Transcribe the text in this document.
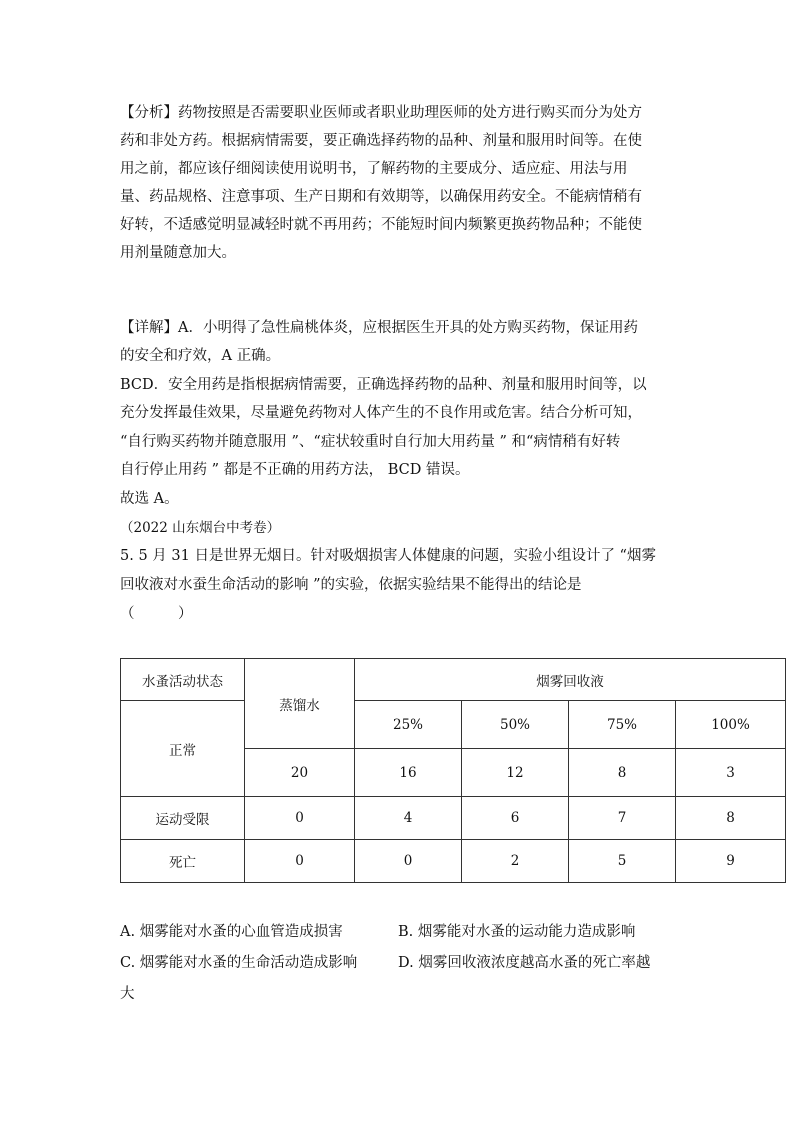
【分析】药物按照是否需要职业医师或者职业助理医师的处方进行购买而分为处方
药和非处方药。根据病情需要，要正确选择药物的品种、剂量和服用时间等。在使
用之前，都应该仔细阅读使用说明书，了解药物的主要成分、适应症、用法与用
量、药品规格、注意事项、生产日期和有效期等，以确保用药安全。不能病情稍有
好转，不适感觉明显减轻时就不再用药；不能短时间内频繁更换药物品种；不能使
用剂量随意加大。
【详解】A．小明得了急性扁桃体炎，应根据医生开具的处方购买药物，保证用药
的安全和疗效，A 正确。
BCD．安全用药是指根据病情需要，正确选择药物的品种、剂量和服用时间等，以
充分发挥最佳效果，尽量避免药物对人体产生的不良作用或危害。结合分析可知，
“自行购买药物并随意服用 ”、“症状较重时自行加大用药量 ” 和“病情稍有好转
自行停止用药 ” 都是不正确的用药方法， BCD 错误。
故选 A。
（2022 山东烟台中考卷）
5. 5 月 31 日是世界无烟日。针对吸烟损害人体健康的问题，实验小组设计了 “烟雾
回收液对水蚕生命活动的影响 ”的实验，依据实验结果不能得出的结论是
（　　　）
水蚤活动状态	蒸馏水	烟雾回收液			
正常		25%	50%	75%	100%
	20	16	12	8	3
运动受限	0	4	6	7	8
死亡	0	0	2	5	9
A. 烟雾能对水蚤的心血管造成损害	B. 烟雾能对水蚤的运动能力造成影响
C. 烟雾能对水蚤的生命活动造成影响	D. 烟雾回收液浓度越高水蚤的死亡率越
大
